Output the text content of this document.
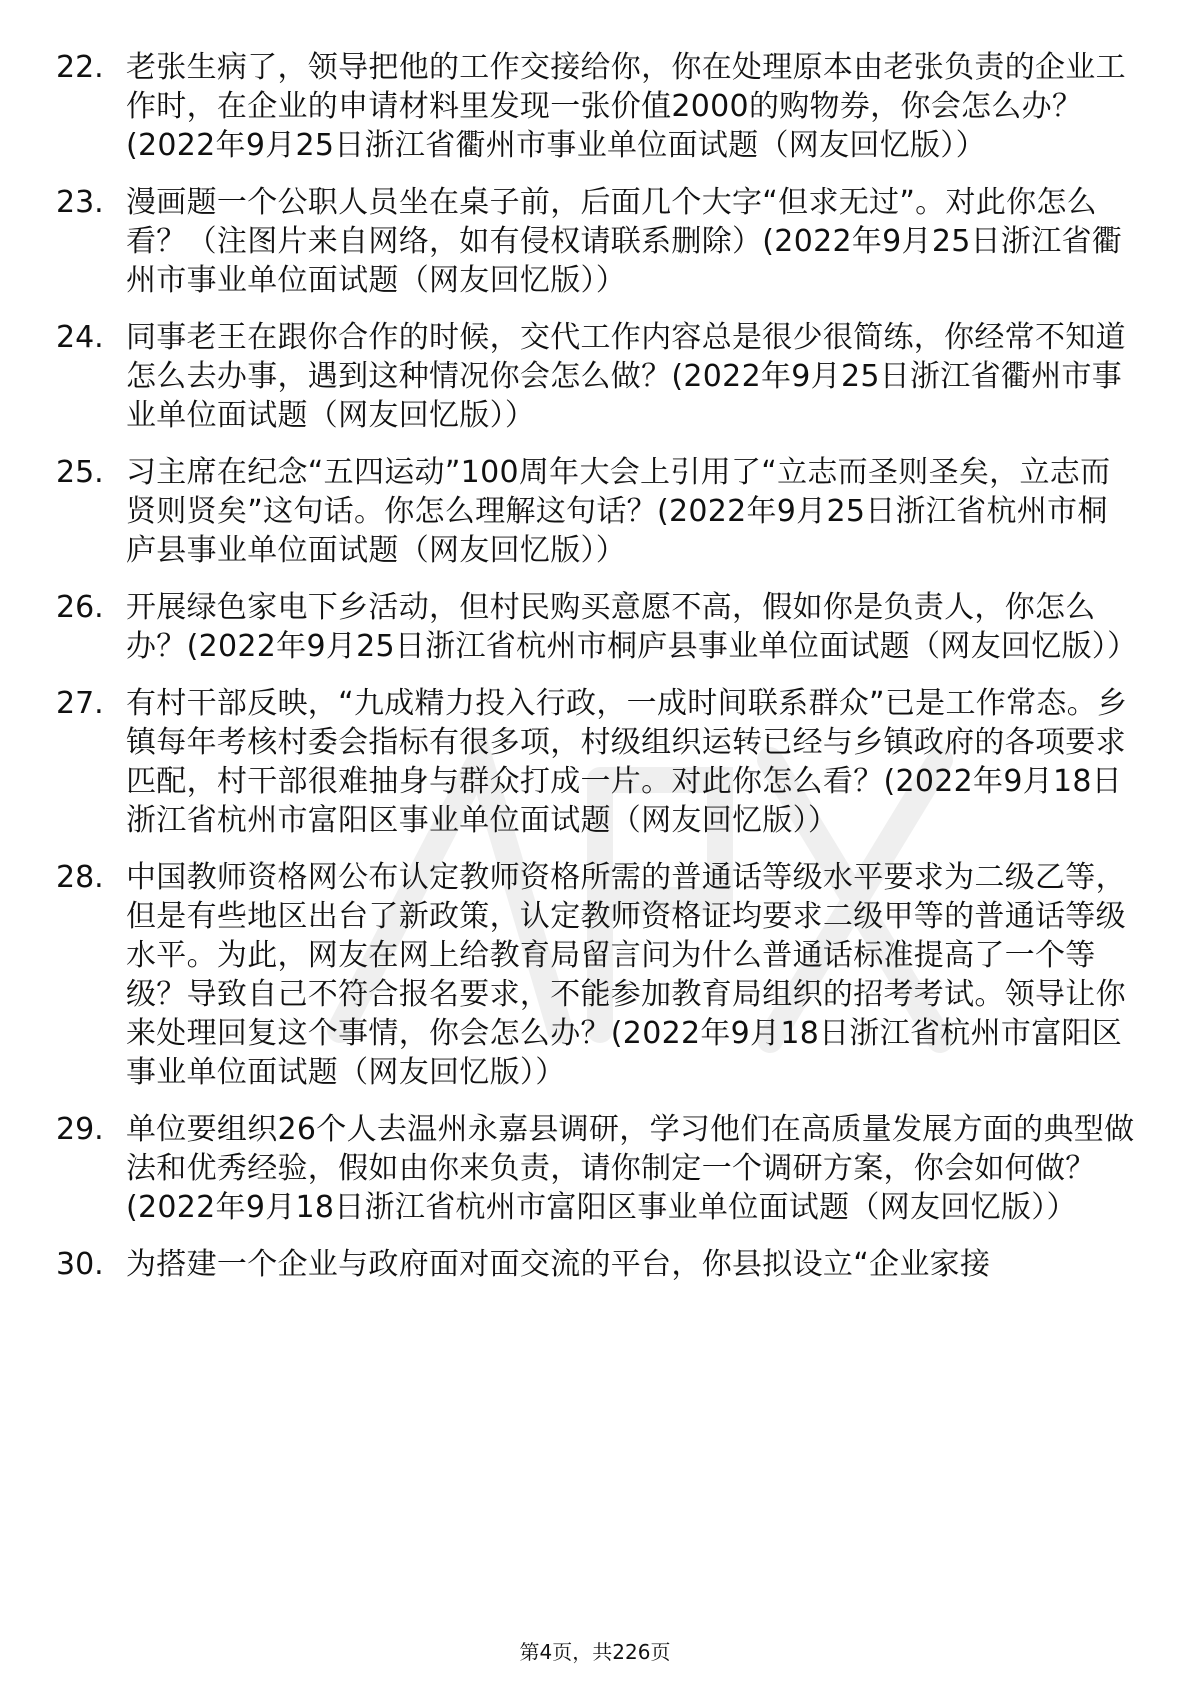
22. 老张生病了，领导把他的工作交接给你，你在处理原本由老张负责的企业工作时，在企业的申请材料里发现一张价值2000的购物券，你会怎么办？(2022年9月25日浙江省衢州市事业单位面试题（网友回忆版））
23. 漫画题一个公职人员坐在桌子前，后面几个大字“但求无过”。对此你怎么看？（注图片来自网络，如有侵权请联系删除）(2022年9月25日浙江省衢州市事业单位面试题（网友回忆版））
24. 同事老王在跟你合作的时候，交代工作内容总是很少很简练，你经常不知道怎么去办事，遇到这种情况你会怎么做？(2022年9月25日浙江省衢州市事业单位面试题（网友回忆版））
25. 习主席在纪念“五四运动”100周年大会上引用了“立志而圣则圣矣，立志而贤则贤矣”这句话。你怎么理解这句话？(2022年9月25日浙江省杭州市桐庐县事业单位面试题（网友回忆版））
26. 开展绿色家电下乡活动，但村民购买意愿不高，假如你是负责人，你怎么办？(2022年9月25日浙江省杭州市桐庐县事业单位面试题（网友回忆版））
27. 有村干部反映，“九成精力投入行政，一成时间联系群众”已是工作常态。乡镇每年考核村委会指标有很多项，村级组织运转已经与乡镇政府的各项要求匹配，村干部很难抽身与群众打成一片。对此你怎么看？(2022年9月18日浙江省杭州市富阳区事业单位面试题（网友回忆版））
28. 中国教师资格网公布认定教师资格所需的普通话等级水平要求为二级乙等，但是有些地区出台了新政策，认定教师资格证均要求二级甲等的普通话等级水平。为此，网友在网上给教育局留言问为什么普通话标准提高了一个等级？导致自己不符合报名要求，不能参加教育局组织的招考考试。领导让你来处理回复这个事情，你会怎么办？(2022年9月18日浙江省杭州市富阳区事业单位面试题（网友回忆版））
29. 单位要组织26个人去温州永嘉县调研，学习他们在高质量发展方面的典型做法和优秀经验，假如由你来负责，请你制定一个调研方案，你会如何做？(2022年9月18日浙江省杭州市富阳区事业单位面试题（网友回忆版））
30. 为搭建一个企业与政府面对面交流的平台，你县拟设立“企业家接
第4页，共226页
